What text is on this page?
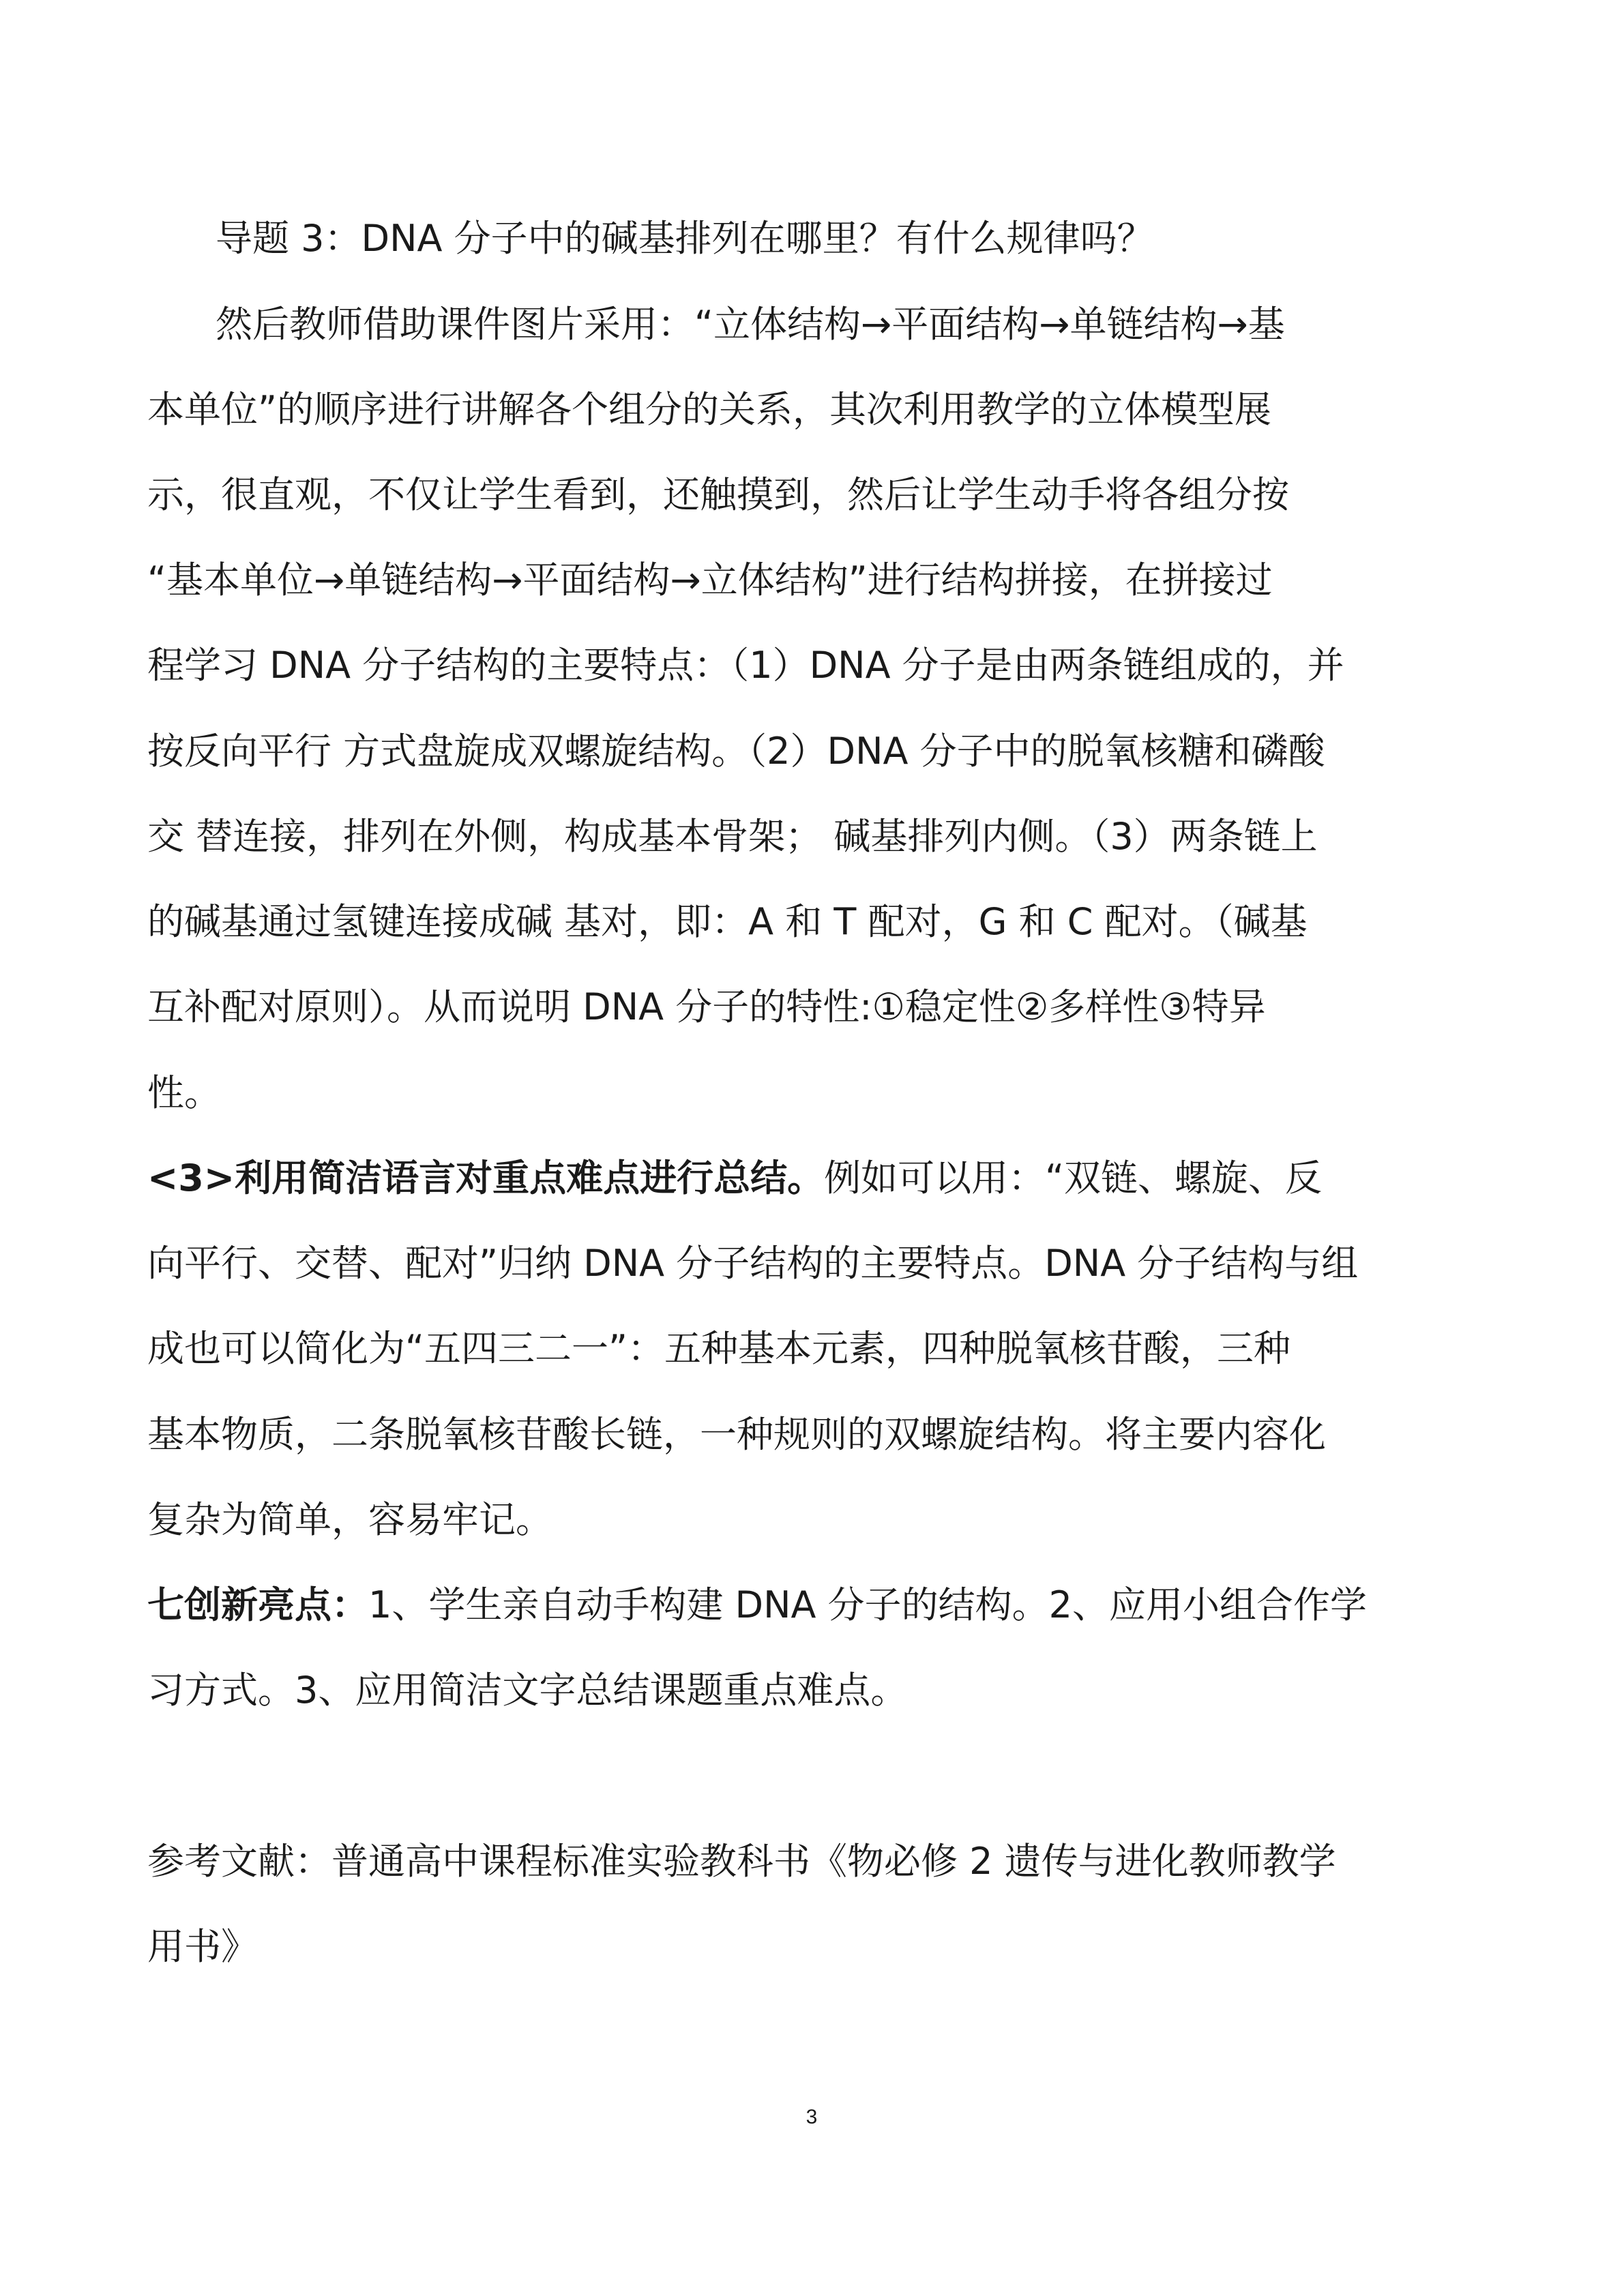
导题 3：DNA 分子中的碱基排列在哪里？有什么规律吗？
然后教师借助课件图片采用：“立体结构→平面结构→单链结构→基
本单位”的顺序进行讲解各个组分的关系，其次利用教学的立体模型展
示，很直观，不仅让学生看到，还触摸到，然后让学生动手将各组分按
“基本单位→单链结构→平面结构→立体结构”进行结构拼接，在拼接过
程学习 DNA 分子结构的主要特点：（1）DNA 分子是由两条链组成的，并
按反向平行 方式盘旋成双螺旋结构。（2）DNA 分子中的脱氧核糖和磷酸
交 替连接，排列在外侧，构成基本骨架； 碱基排列内侧。（3）两条链上
的碱基通过氢键连接成碱 基对，即：A 和 T 配对，G 和 C 配对。（碱基
互补配对原则）。从而说明 DNA 分子的特性:①稳定性②多样性③特异
性。
<3>利用简洁语言对重点难点进行总结。例如可以用：“双链、螺旋、反
向平行、交替、配对”归纳 DNA 分子结构的主要特点。DNA 分子结构与组
成也可以简化为“五四三二一”：五种基本元素，四种脱氧核苷酸，三种
基本物质，二条脱氧核苷酸长链，一种规则的双螺旋结构。将主要内容化
复杂为简单，容易牢记。
七创新亮点：1、学生亲自动手构建 DNA 分子的结构。2、应用小组合作学
习方式。3、应用简洁文字总结课题重点难点。
参考文献：普通高中课程标准实验教科书《物必修 2 遗传与进化教师教学
用书》
3
